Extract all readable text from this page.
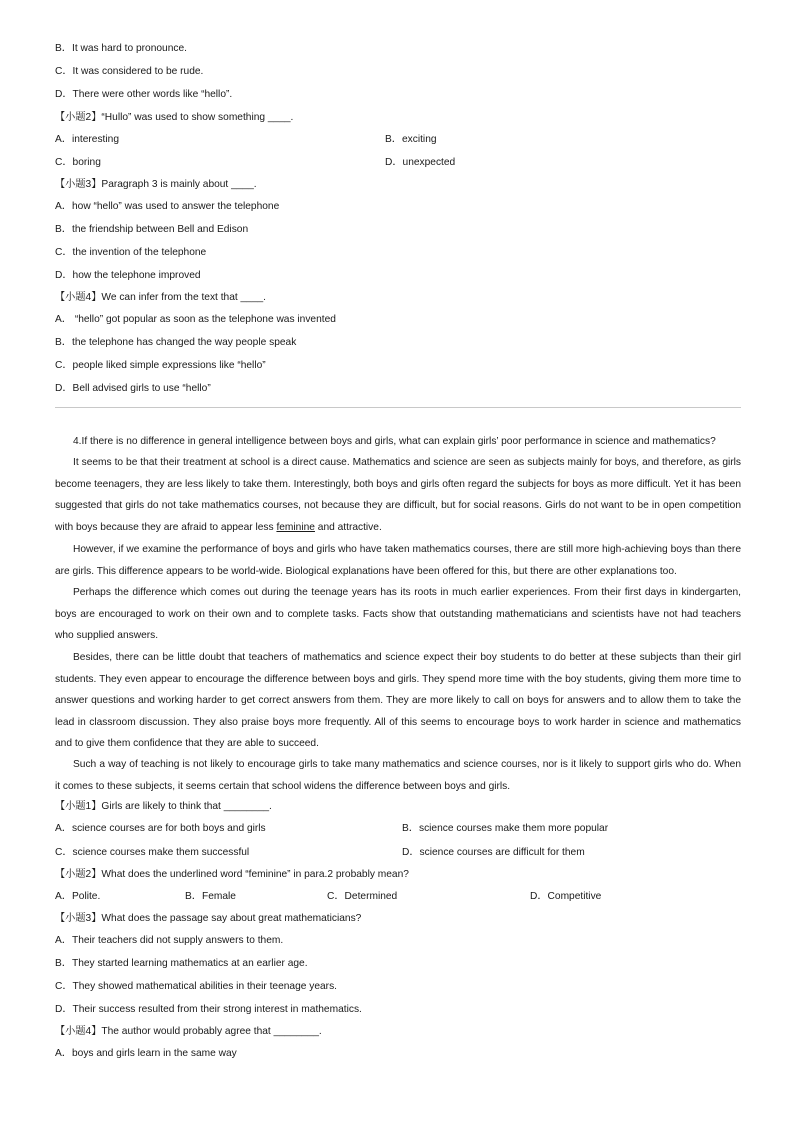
B．It was hard to pronounce.
C．It was considered to be rude.
D．There were other words like “hello”.
【小题2】“Hullo” was used to show something ____.
A．interesting	B．exciting
C．boring	D．unexpected
【小题3】Paragraph 3 is mainly about ____.
A．how “hello” was used to answer the telephone
B．the friendship between Bell and Edison
C．the invention of the telephone
D．how the telephone improved
【小题4】We can infer from the text that ____.
A． “hello” got popular as soon as the telephone was invented
B．the telephone has changed the way people speak
C．people liked simple expressions like “hello”
D．Bell advised girls to use “hello”
4.If there is no difference in general intelligence between boys and girls, what can explain girls’ poor performance in science and mathematics?
It seems to be that their treatment at school is a direct cause. Mathematics and science are seen as subjects mainly for boys, and therefore, as girls become teenagers, they are less likely to take them. Interestingly, both boys and girls often regard the subjects for boys as more difficult. Yet it has been suggested that girls do not take mathematics courses, not because they are difficult, but for social reasons. Girls do not want to be in open competition with boys because they are afraid to appear less feminine and attractive.
However, if we examine the performance of boys and girls who have taken mathematics courses, there are still more high-achieving boys than there are girls. This difference appears to be world-wide. Biological explanations have been offered for this, but there are other explanations too.
Perhaps the difference which comes out during the teenage years has its roots in much earlier experiences. From their first days in kindergarten, boys are encouraged to work on their own and to complete tasks. Facts show that outstanding mathematicians and scientists have not had teachers who supplied answers.
Besides, there can be little doubt that teachers of mathematics and science expect their boy students to do better at these subjects than their girl students. They even appear to encourage the difference between boys and girls. They spend more time with the boy students, giving them more time to answer questions and working harder to get correct answers from them. They are more likely to call on boys for answers and to allow them to take the lead in classroom discussion. They also praise boys more frequently. All of this seems to encourage boys to work harder in science and mathematics and to give them confidence that they are able to succeed.
Such a way of teaching is not likely to encourage girls to take many mathematics and science courses, nor is it likely to support girls who do. When it comes to these subjects, it seems certain that school widens the difference between boys and girls.
【小题1】Girls are likely to think that ________.
A．science courses are for both boys and girls	B．science courses make them more popular
C．science courses make them successful	D．science courses are difficult for them
【小题2】What does the underlined word “feminine” in para.2 probably mean?
A．Polite.	B．Female	C．Determined	D．Competitive
【小题3】What does the passage say about great mathematicians?
A．Their teachers did not supply answers to them.
B．They started learning mathematics at an earlier age.
C．They showed mathematical abilities in their teenage years.
D．Their success resulted from their strong interest in mathematics.
【小题4】The author would probably agree that ________.
A．boys and girls learn in the same way
